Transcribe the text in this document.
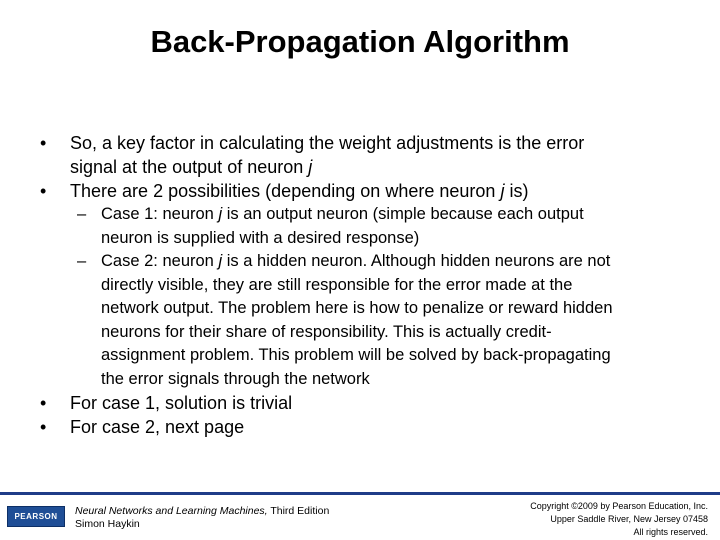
Back-Propagation Algorithm
•	So, a key factor in calculating the weight adjustments is the error
signal at the output of neuron j
•	There are 2 possibilities (depending on where neuron j is)
– Case 1: neuron j is an output neuron (simple because each output
neuron is supplied with a desired response)
– Case 2: neuron j is a hidden neuron. Although hidden neurons are not
directly visible, they are still responsible for the error made at the
network output. The problem here is how to penalize or reward hidden
neurons for their share of responsibility. This is actually credit-
assignment problem. This problem will be solved by back-propagating
the error signals through the network
•	For case 1, solution is trivial
•	For case 2, next page
PEARSON	Neural Networks and Learning Machines, Third Edition
Simon Haykin
Copyright ©2009 by Pearson Education, Inc.
Upper Saddle River, New Jersey 07458
All rights reserved.
